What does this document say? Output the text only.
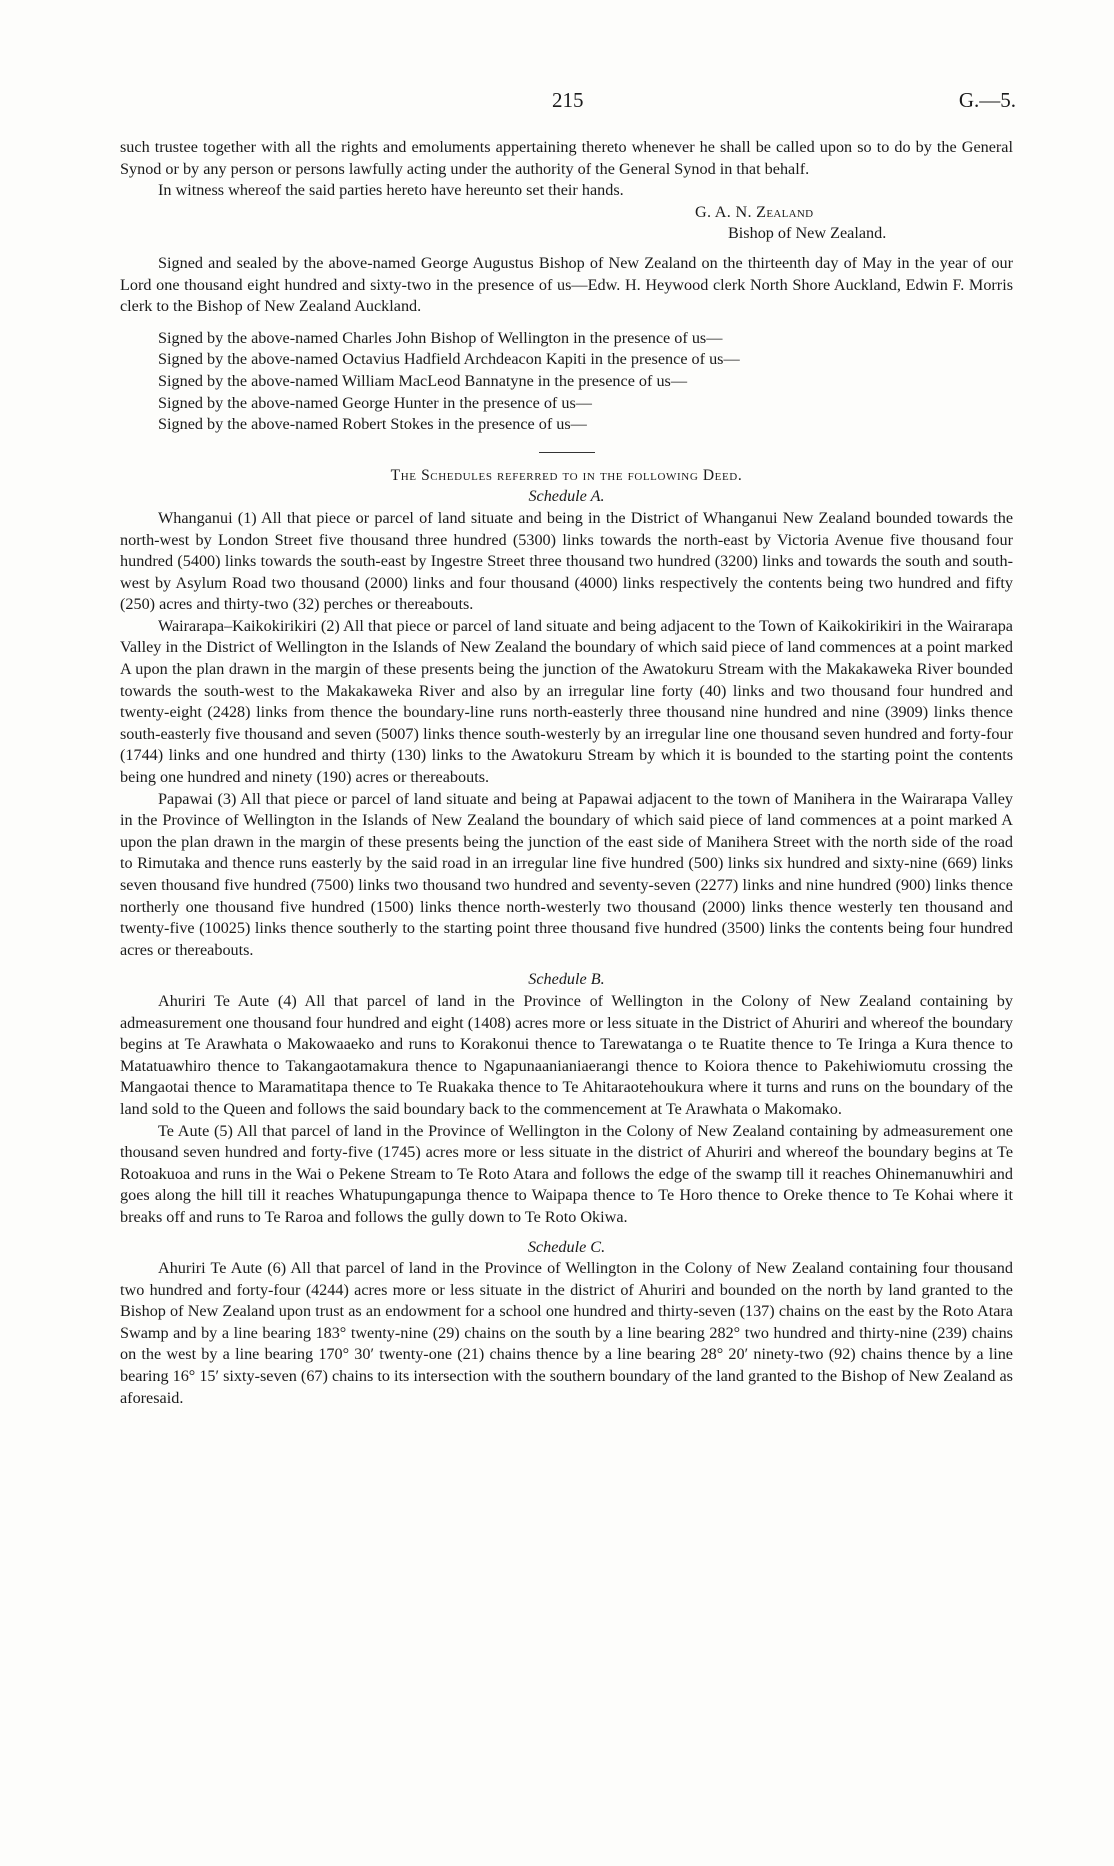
215	G.—5.

such trustee together with all the rights and emoluments appertaining thereto whenever he shall be called upon so to do by the General Synod or by any person or persons lawfully acting under the authority of the General Synod in that behalf.

In witness whereof the said parties hereto have hereunto set their hands.

G. A. N. Zealand

Bishop of New Zealand.

Signed and sealed by the above-named George Augustus Bishop of New Zealand on the thirteenth day of May in the year of our Lord one thousand eight hundred and sixty-two in the presence of us—Edw. H. Heywood clerk North Shore Auckland, Edwin F. Morris clerk to the Bishop of New Zealand Auckland.

Signed by the above-named Charles John Bishop of Wellington in the presence of us—

Signed by the above-named Octavius Hadfield Archdeacon Kapiti in the presence of us—

Signed by the above-named William MacLeod Bannatyne in the presence of us—

Signed by the above-named George Hunter in the presence of us—

Signed by the above-named Robert Stokes in the presence of us—

The Schedules referred to in the following Deed.

Schedule A.

Whanganui (1) All that piece or parcel of land situate and being in the District of Whanganui New Zealand bounded towards the north-west by London Street five thousand three hundred (5300) links towards the north-east by Victoria Avenue five thousand four hundred (5400) links towards the south-east by Ingestre Street three thousand two hundred (3200) links and towards the south and south-west by Asylum Road two thousand (2000) links and four thousand (4000) links respectively the contents being two hundred and fifty (250) acres and thirty-two (32) perches or thereabouts.

Wairarapa–Kaikokirikiri (2) All that piece or parcel of land situate and being adjacent to the Town of Kaikokirikiri in the Wairarapa Valley in the District of Wellington in the Islands of New Zealand the boundary of which said piece of land commences at a point marked A upon the plan drawn in the margin of these presents being the junction of the Awatokuru Stream with the Makakaweka River bounded towards the south-west to the Makakaweka River and also by an irregular line forty (40) links and two thousand four hundred and twenty-eight (2428) links from thence the boundary-line runs north-easterly three thousand nine hundred and nine (3909) links thence south-easterly five thousand and seven (5007) links thence south-westerly by an irregular line one thousand seven hundred and forty-four (1744) links and one hundred and thirty (130) links to the Awatokuru Stream by which it is bounded to the starting point the contents being one hundred and ninety (190) acres or thereabouts.

Papawai (3) All that piece or parcel of land situate and being at Papawai adjacent to the town of Manihera in the Wairarapa Valley in the Province of Wellington in the Islands of New Zealand the boundary of which said piece of land commences at a point marked A upon the plan drawn in the margin of these presents being the junction of the east side of Manihera Street with the north side of the road to Rimutaka and thence runs easterly by the said road in an irregular line five hundred (500) links six hundred and sixty-nine (669) links seven thousand five hundred (7500) links two thousand two hundred and seventy-seven (2277) links and nine hundred (900) links thence northerly one thousand five hundred (1500) links thence north-westerly two thousand (2000) links thence westerly ten thousand and twenty-five (10025) links thence southerly to the starting point three thousand five hundred (3500) links the contents being four hundred acres or thereabouts.

Schedule B.

Ahuriri Te Aute (4) All that parcel of land in the Province of Wellington in the Colony of New Zealand containing by admeasurement one thousand four hundred and eight (1408) acres more or less situate in the District of Ahuriri and whereof the boundary begins at Te Arawhata o Makowaaeko and runs to Korakonui thence to Tarewatanga o te Ruatite thence to Te Iringa a Kura thence to Matatuawhiro thence to Takangaotamakura thence to Ngapunaanianiaerangi thence to Koiora thence to Pakehiwiomutu crossing the Mangaotai thence to Maramatitapa thence to Te Ruakaka thence to Te Ahitaraotehoukura where it turns and runs on the boundary of the land sold to the Queen and follows the said boundary back to the commencement at Te Arawhata o Makomako.

Te Aute (5) All that parcel of land in the Province of Wellington in the Colony of New Zealand containing by admeasurement one thousand seven hundred and forty-five (1745) acres more or less situate in the district of Ahuriri and whereof the boundary begins at Te Rotoakuoa and runs in the Wai o Pekene Stream to Te Roto Atara and follows the edge of the swamp till it reaches Ohinemanuwhiri and goes along the hill till it reaches Whatupungapunga thence to Waipapa thence to Te Horo thence to Oreke thence to Te Kohai where it breaks off and runs to Te Raroa and follows the gully down to Te Roto Okiwa.

Schedule C.

Ahuriri Te Aute (6) All that parcel of land in the Province of Wellington in the Colony of New Zealand containing four thousand two hundred and forty-four (4244) acres more or less situate in the district of Ahuriri and bounded on the north by land granted to the Bishop of New Zealand upon trust as an endowment for a school one hundred and thirty-seven (137) chains on the east by the Roto Atara Swamp and by a line bearing 183° twenty-nine (29) chains on the south by a line bearing 282° two hundred and thirty-nine (239) chains on the west by a line bearing 170° 30′ twenty-one (21) chains thence by a line bearing 28° 20′ ninety-two (92) chains thence by a line bearing 16° 15′ sixty-seven (67) chains to its intersection with the southern boundary of the land granted to the Bishop of New Zealand as aforesaid.
